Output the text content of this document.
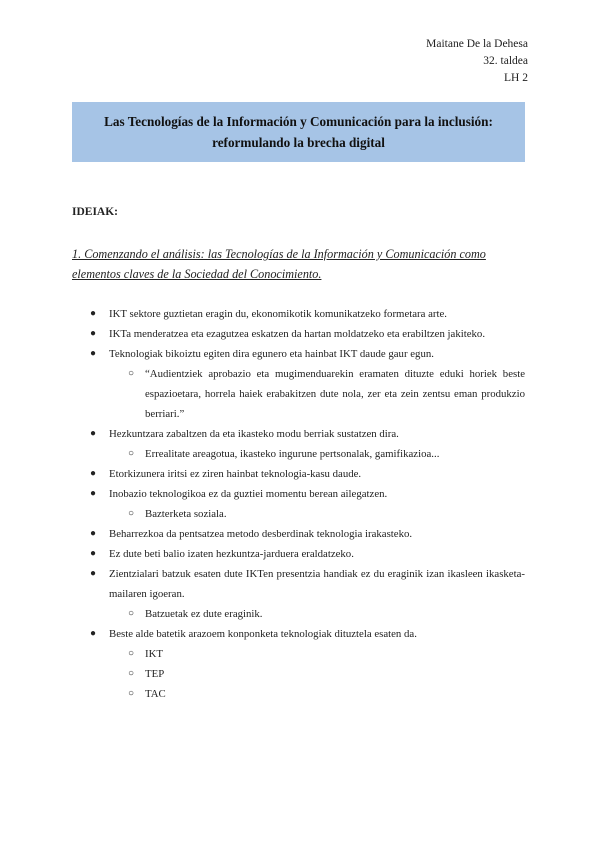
Maitane De la Dehesa
32. taldea
LH 2
Las Tecnologías de la Información y Comunicación para la inclusión:
reformulando la brecha digital
IDEIAK:
1. Comenzando el análisis: las Tecnologías de la Información y Comunicación como
elementos claves de la Sociedad del Conocimiento.
● IKT sektore guztietan eragin du, ekonomikotik komunikatzeko formetara arte.
● IKTa menderatzea eta ezagutzea eskatzen da hartan moldatzeko eta erabiltzen jakiteko.
● Teknologiak bikoiztu egiten dira egunero eta hainbat IKT daude gaur egun.
○ “Audientziek aprobazio eta mugimenduarekin eramaten dituzte eduki horiek beste espazioetara, horrela haiek erabakitzen dute nola, zer eta zein zentsu eman produkzio berriari.”
● Hezkuntzara zabaltzen da eta ikasteko modu berriak sustatzen dira.
○ Errealitate areagotua, ikasteko ingurune pertsonalak, gamifikazioa...
● Etorkizunera iritsi ez ziren hainbat teknologia-kasu daude.
● Inobazio teknologikoa ez da guztiei momentu berean ailegatzen.
○ Bazterketa soziala.
● Beharrezkoa da pentsatzea metodo desberdinak teknologia irakasteko.
● Ez dute beti balio izaten hezkuntza-jarduera eraldatzeko.
● Zientzialari batzuk esaten dute IKTen presentzia handiak ez du eraginik izan ikasleen ikasketa-mailaren igoeran.
○ Batzuetak ez dute eraginik.
● Beste alde batetik arazoem konponketa teknologiak dituztela esaten da.
○ IKT
○ TEP
○ TAC
